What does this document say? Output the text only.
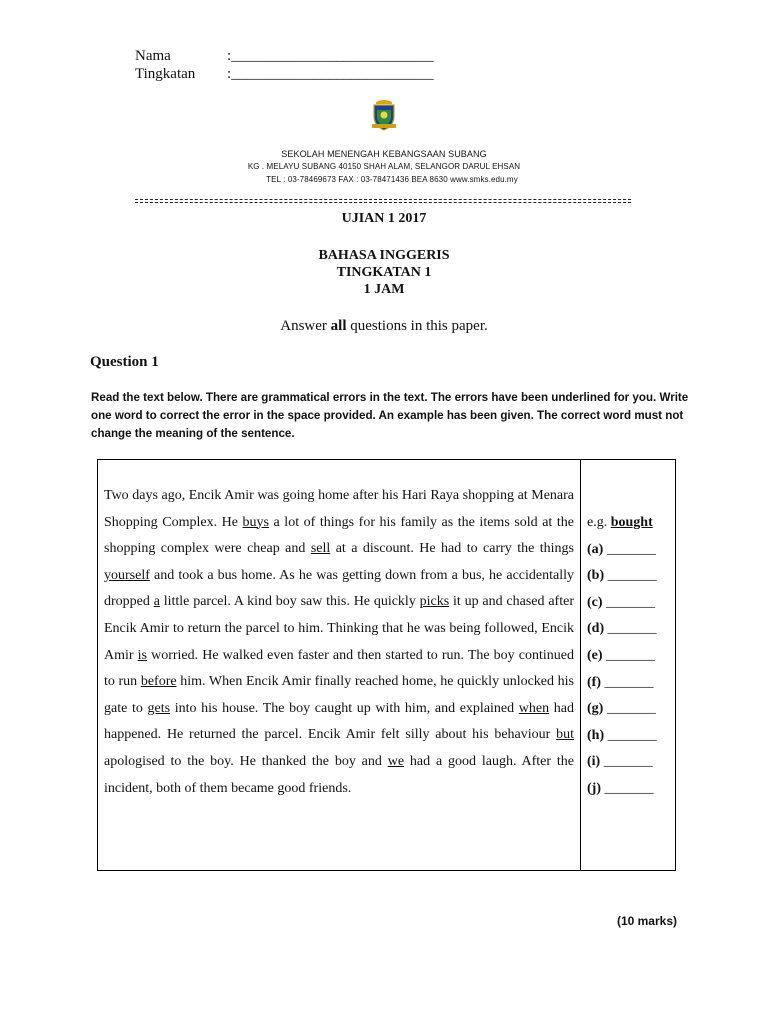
Nama	:___________________________
Tingkatan :___________________________
SEKOLAH MENENGAH KEBANGSAAN SUBANG
KG . MELAYU SUBANG 40150 SHAH ALAM, SELANGOR DARUL EHSAN
TEL : 03-78469673 FAX : 03-78471436 BEA 8630 www.smks.edu.my
UJIAN 1 2017
BAHASA INGGERIS
TINGKATAN 1
1 JAM
Answer all questions in this paper.
Question 1
Read the text below. There are grammatical errors in the text. The errors have been underlined for you. Write one word to correct the error in the space provided. An example has been given. The correct word must not change the meaning of the sentence.
Two days ago, Encik Amir was going home after his Hari Raya shopping at Menara Shopping Complex. He buys a lot of things for his family as the items sold at the shopping complex were cheap and sell at a discount. He had to carry the things yourself and took a bus home. As he was getting down from a bus, he accidentally dropped a little parcel. A kind boy saw this. He quickly picks it up and chased after Encik Amir to return the parcel to him. Thinking that he was being followed, Encik Amir is worried. He walked even faster and then started to run. The boy continued to run before him. When Encik Amir finally reached home, he quickly unlocked his gate to gets into his house. The boy caught up with him, and explained when had happened. He returned the parcel. Encik Amir felt silly about his behaviour but apologised to the boy. He thanked the boy and we had a good laugh. After the incident, both of them became good friends.
e.g. bought
(a) _______
(b) _______
(c) _______
(d) _______
(e) _______
(f) _______
(g) _______
(h) _______
(i) _______
(j) _______
(10 marks)
